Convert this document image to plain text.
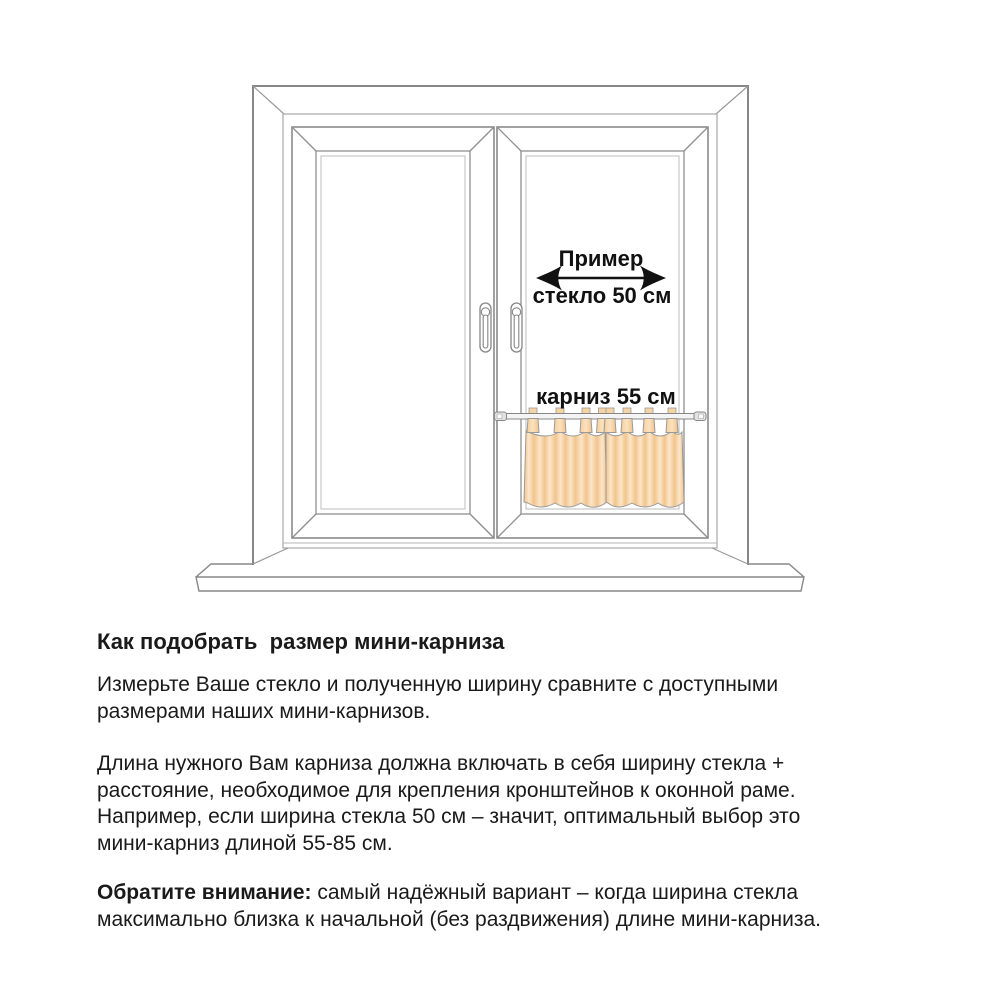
Пример
стекло 50 см
карниз 55 см
Как подобрать  размер мини-карниза
Измерьте Ваше стекло и полученную ширину сравните с доступными
размерами наших мини-карнизов.
Длина нужного Вам карниза должна включать в себя ширину стекла +
расстояние, необходимое для крепления кронштейнов к оконной раме.
Например, если ширина стекла 50 см – значит, оптимальный выбор это
мини-карниз длиной 55-85 см.
Обратите внимание: самый надёжный вариант – когда ширина стекла
максимально близка к начальной (без раздвижения) длине мини-карниза.
